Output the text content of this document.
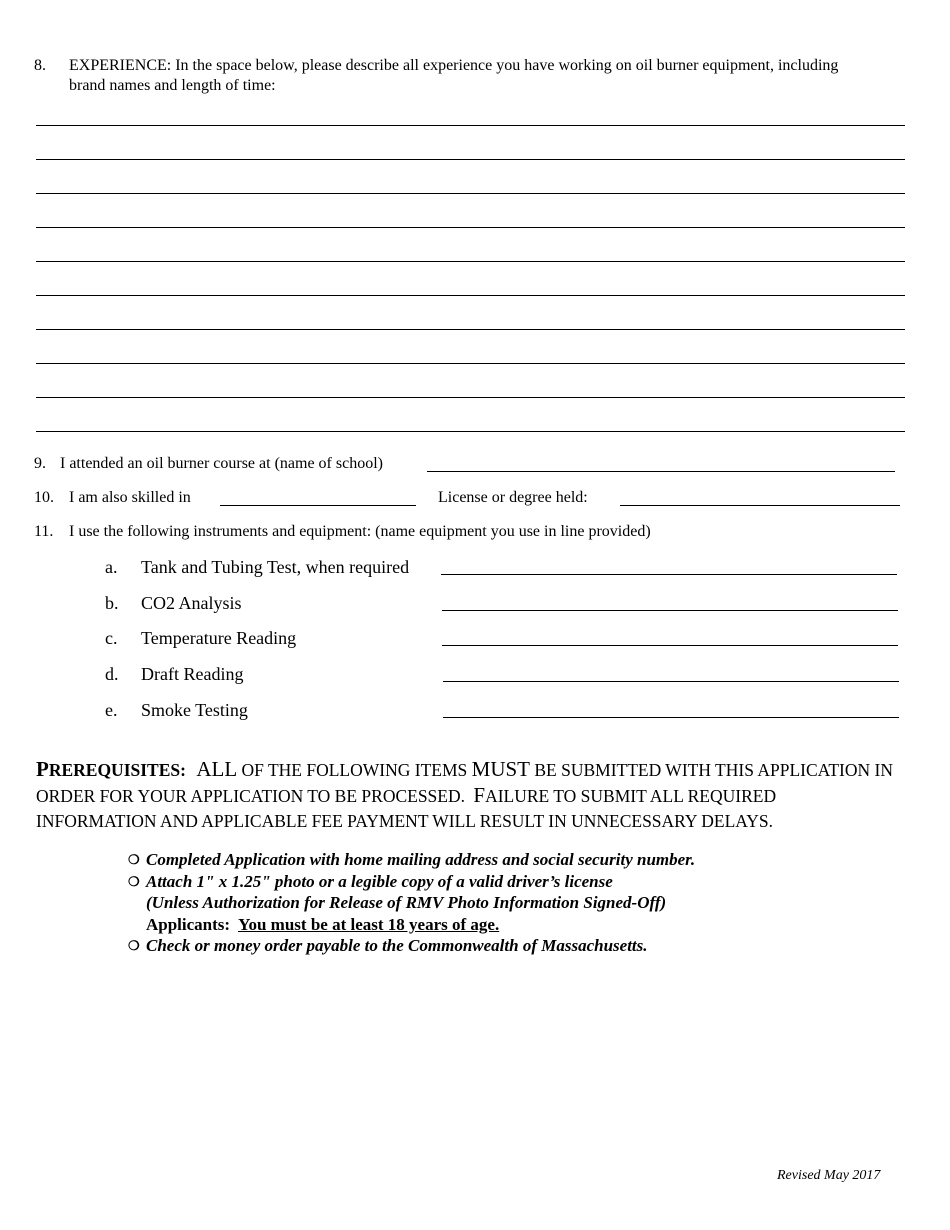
8. EXPERIENCE: In the space below, please describe all experience you have working on oil burner equipment, including
brand names and length of time:
9. I attended an oil burner course at (name of school)
10. I am also skilled in	License or degree held:
11. I use the following instruments and equipment: (name equipment you use in line provided)
a. Tank and Tubing Test, when required
b. CO2 Analysis
c. Temperature Reading
d. Draft Reading
e. Smoke Testing
PREREQUISITES: ALL OF THE FOLLOWING ITEMS MUST BE SUBMITTED WITH THIS APPLICATION IN
ORDER FOR YOUR APPLICATION TO BE PROCESSED. FAILURE TO SUBMIT ALL REQUIRED
INFORMATION AND APPLICABLE FEE PAYMENT WILL RESULT IN UNNECESSARY DELAYS.
❍ Completed Application with home mailing address and social security number.
❍ Attach 1" x 1.25" photo or a legible copy of a valid driver’s license
(Unless Authorization for Release of RMV Photo Information Signed-Off)
Applicants: You must be at least 18 years of age.
❍ Check or money order payable to the Commonwealth of Massachusetts.
Revised May 2017
